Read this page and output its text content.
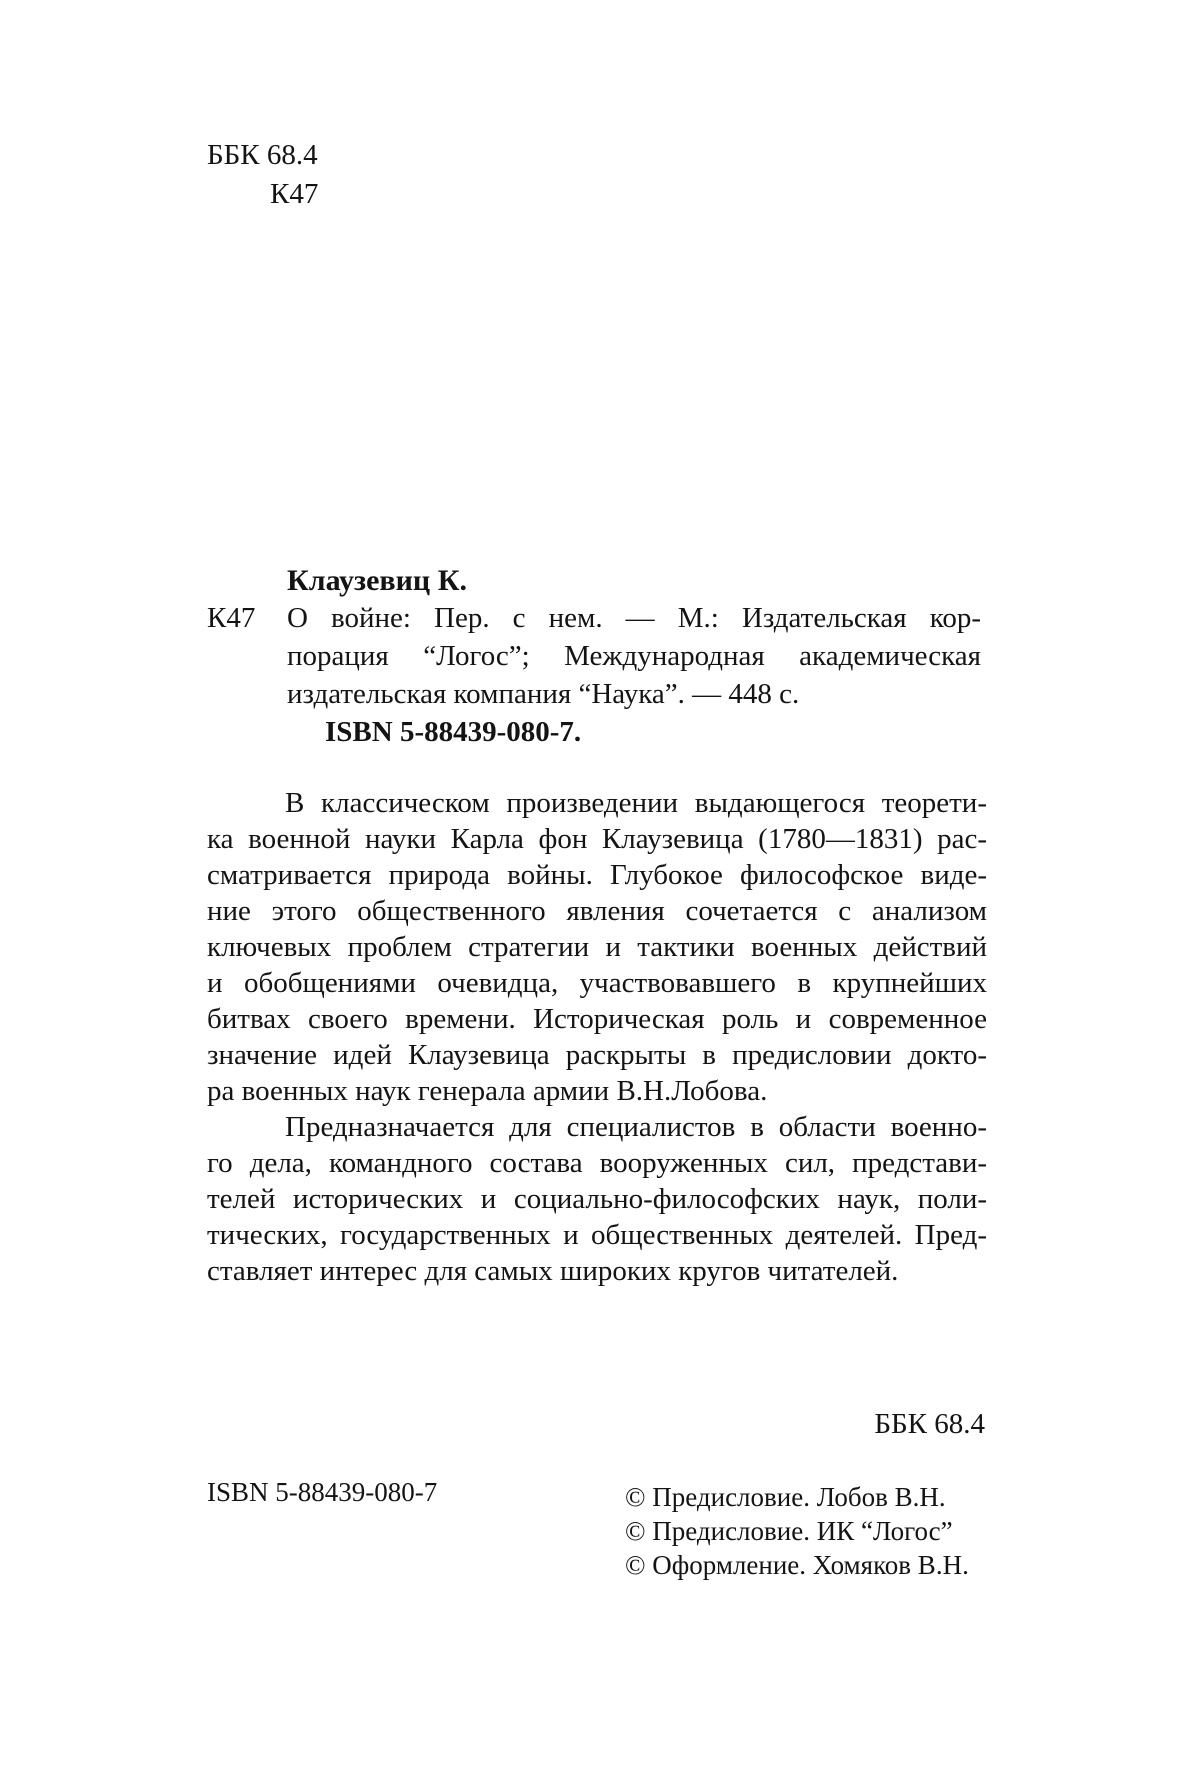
ББК 68.4
К47
Клаузевиц К.
К47 О войне: Пер. с нем. — М.: Издательская кор-
порация “Логос”; Международная академическая
издательская компания “Наука”. — 448 с.
ISBN 5-88439-080-7.
В классическом произведении выдающегося теорети-
ка военной науки Карла фон Клаузевица (1780—1831) рас-
сматривается природа войны. Глубокое философское виде-
ние этого общественного явления сочетается с анализом
ключевых проблем стратегии и тактики военных действий
и обобщениями очевидца, участвовавшего в крупнейших
битвах своего времени. Историческая роль и современное
значение идей Клаузевица раскрыты в предисловии докто-
ра военных наук генерала армии В.Н.Лобова.
Предназначается для специалистов в области военно-
го дела, командного состава вооруженных сил, представи-
телей исторических и социально-философских наук, поли-
тических, государственных и общественных деятелей. Пред-
ставляет интерес для самых широких кругов читателей.
ББК 68.4
ISBN 5-88439-080-7	© Предисловие. Лобов В.Н.
© Предисловие. ИК “Логос”
© Оформление. Хомяков В.Н.
